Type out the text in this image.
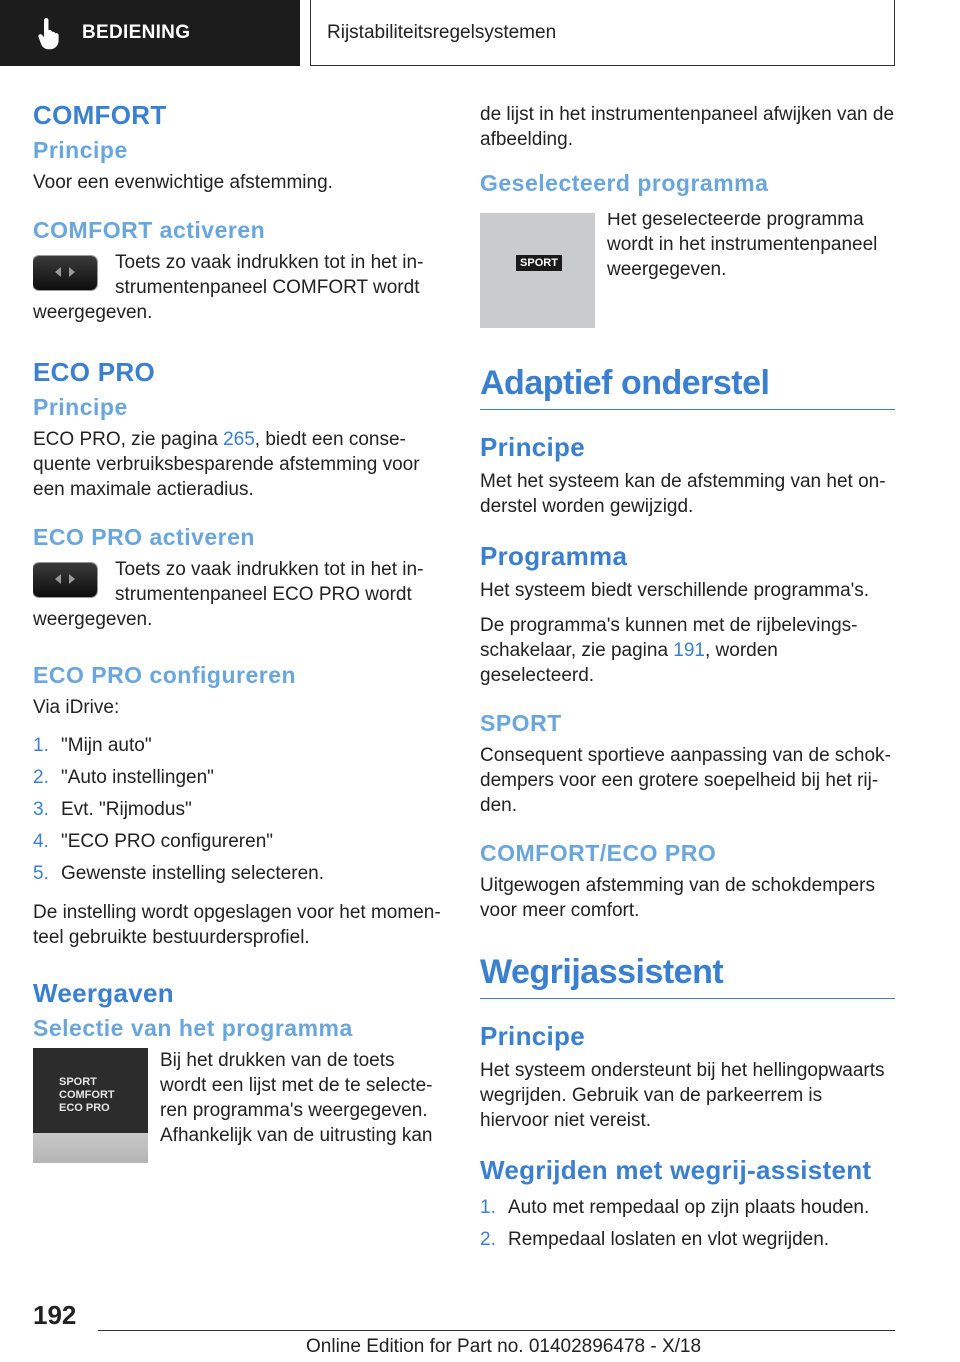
BEDIENING	Rijstabiliteitsregelsystemen
COMFORT
Principe

Voor een evenwichtige afstemming.

COMFORT activeren

Toets zo vaak indrukken tot in het instrumentenpaneel COMFORT wordt weergegeven.

ECO PRO
Principe

ECO PRO, zie pagina 265, biedt een consequente verbruiksbesparende afstemming voor een maximale actieradius.

ECO PRO activeren

Toets zo vaak indrukken tot in het instrumentenpaneel ECO PRO wordt weergegeven.

ECO PRO configureren

Via iDrive:

1. "Mijn auto"
2. "Auto instellingen"
3. Evt. "Rijmodus"
4. "ECO PRO configureren"
5. Gewenste instelling selecteren.

De instelling wordt opgeslagen voor het momenteel gebruikte bestuurdersprofiel.

Weergaven
Selectie van het programma
SPORT
COMFORT
ECO PRO

Bij het drukken van de toets wordt een lijst met de te selecteren programma's weergegeven. Afhankelijk van de uitrusting kan

de lijst in het instrumentenpaneel afwijken van de afbeelding.

Geselecteerd programma
SPORT

Het geselecteerde programma wordt in het instrumentenpaneel weergegeven.

Adaptief onderstel
Principe

Met het systeem kan de afstemming van het onderstel worden gewijzigd.

Programma

Het systeem biedt verschillende programma's.

De programma's kunnen met de rijbelevingsschakelaar, zie pagina 191, worden geselecteerd.

SPORT

Consequent sportieve aanpassing van de schokdempers voor een grotere soepelheid bij het rijden.

COMFORT/ECO PRO

Uitgewogen afstemming van de schokdempers voor meer comfort.

Wegrijassistent
Principe

Het systeem ondersteunt bij het hellingopwaarts wegrijden. Gebruik van de parkeerrem is hiervoor niet vereist.

Wegrijden met wegrij-assistent
1. Auto met rempedaal op zijn plaats houden.
2. Rempedaal loslaten en vlot wegrijden.
192
Online Edition for Part no. 01402896478 - X/18
